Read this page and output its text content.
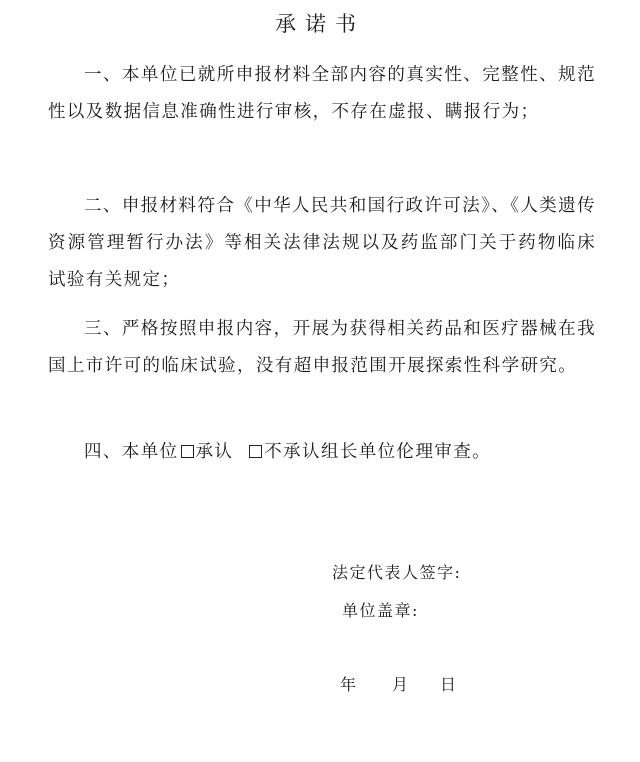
承诺书

一、本单位已就所申报材料全部内容的真实性、完整性、规范性以及数据信息准确性进行审核，不存在虚报、瞒报行为；

二、申报材料符合《中华人民共和国行政许可法》、《人类遗传资源管理暂行办法》等相关法律法规以及药监部门关于药物临床试验有关规定；

三、严格按照申报内容，开展为获得相关药品和医疗器械在我国上市许可的临床试验，没有超申报范围开展探索性科学研究。

四、本单位 承认 不承认组长单位伦理审查。

法定代表人签字:

单位盖章:

年	月	日
